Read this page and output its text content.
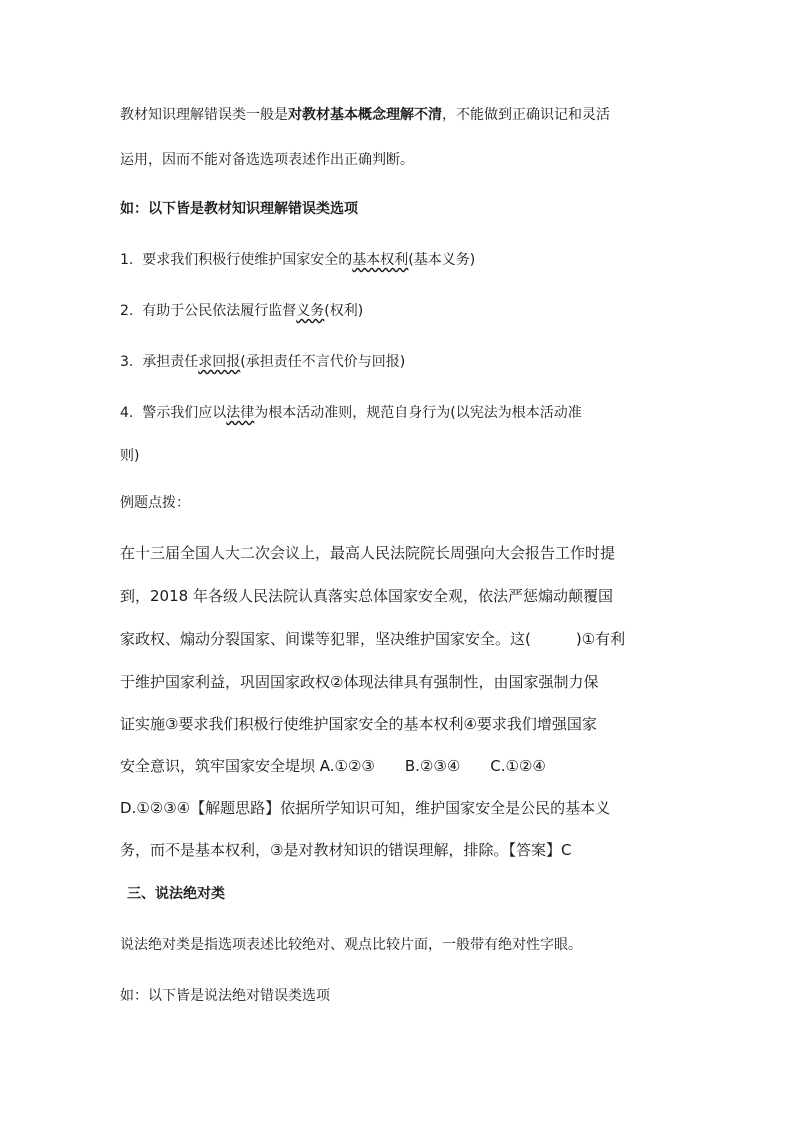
教材知识理解错误类一般是对教材基本概念理解不清，不能做到正确识记和灵活
运用，因而不能对备选选项表述作出正确判断。
如：以下皆是教材知识理解错误类选项
1. 要求我们积极行使维护国家安全的基本权利(基本义务)
2. 有助于公民依法履行监督义务(权利)
3. 承担责任求回报(承担责任不言代价与回报)
4. 警示我们应以法律为根本活动准则，规范自身行为(以宪法为根本活动准
则)
例题点拨：
在十三届全国人大二次会议上，最高人民法院院长周强向大会报告工作时提
到，2018 年各级人民法院认真落实总体国家安全观，依法严惩煽动颠覆国
家政权、煽动分裂国家、间谍等犯罪，坚决维护国家安全。这(　　　)①有利
于维护国家利益，巩固国家政权②体现法律具有强制性，由国家强制力保
证实施③要求我们积极行使维护国家安全的基本权利④要求我们增强国家
安全意识，筑牢国家安全堤坝 A.①②③　　B.②③④　　C.①②④
D.①②③④【解题思路】依据所学知识可知，维护国家安全是公民的基本义
务，而不是基本权利，③是对教材知识的错误理解，排除。【答案】C
三、说法绝对类
说法绝对类是指选项表述比较绝对、观点比较片面，一般带有绝对性字眼。
如：以下皆是说法绝对错误类选项
